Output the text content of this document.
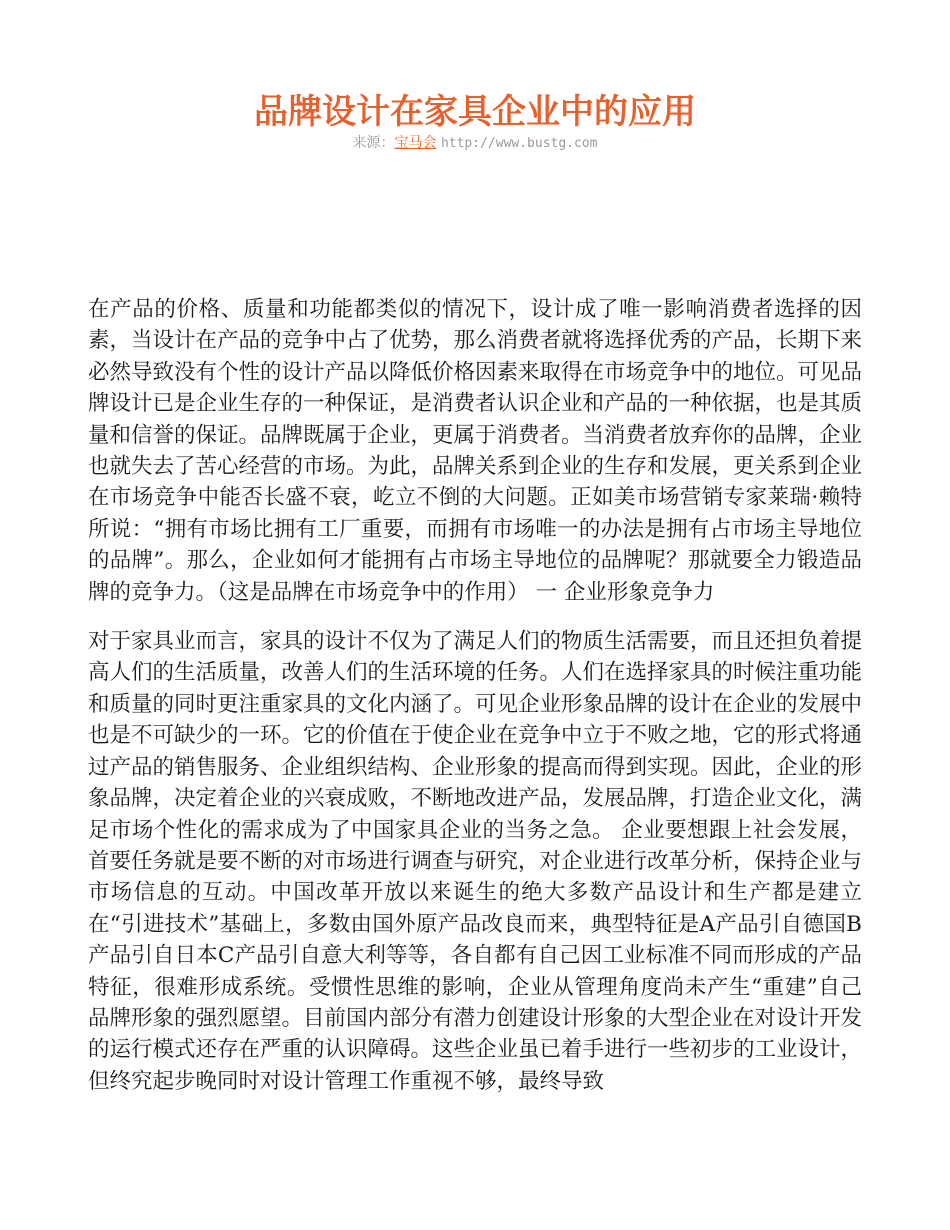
品牌设计在家具企业中的应用
来源：宝马会 http://www.bustg.com

在产品的价格、质量和功能都类似的情况下，设计成了唯一影响消费者选择的因素，当设计在产品的竞争中占了优势，那么消费者就将选择优秀的产品，长期下来必然导致没有个性的设计产品以降低价格因素来取得在市场竞争中的地位。可见品牌设计已是企业生存的一种保证，是消费者认识企业和产品的一种依据，也是其质量和信誉的保证。品牌既属于企业，更属于消费者。当消费者放弃你的品牌，企业也就失去了苦心经营的市场。为此，品牌关系到企业的生存和发展，更关系到企业在市场竞争中能否长盛不衰，屹立不倒的大问题。正如美市场营销专家莱瑞·赖特所说：“拥有市场比拥有工厂重要，而拥有市场唯一的办法是拥有占市场主导地位的品牌”。那么，企业如何才能拥有占市场主导地位的品牌呢？那就要全力锻造品牌的竞争力。（这是品牌在市场竞争中的作用） 一 企业形象竞争力

对于家具业而言，家具的设计不仅为了满足人们的物质生活需要，而且还担负着提高人们的生活质量，改善人们的生活环境的任务。人们在选择家具的时候注重功能和质量的同时更注重家具的文化内涵了。可见企业形象品牌的设计在企业的发展中也是不可缺少的一环。它的价值在于使企业在竞争中立于不败之地，它的形式将通过产品的销售服务、企业组织结构、企业形象的提高而得到实现。因此，企业的形象品牌，决定着企业的兴衰成败，不断地改进产品，发展品牌，打造企业文化，满足市场个性化的需求成为了中国家具企业的当务之急。 企业要想跟上社会发展，首要任务就是要不断的对市场进行调查与研究，对企业进行改革分析，保持企业与市场信息的互动。中国改革开放以来诞生的绝大多数产品设计和生产都是建立在“引进技术”基础上，多数由国外原产品改良而来，典型特征是A产品引自德国B产品引自日本C产品引自意大利等等，各自都有自己因工业标准不同而形成的产品特征，很难形成系统。受惯性思维的影响，企业从管理角度尚未产生“重建”自己品牌形象的强烈愿望。目前国内部分有潜力创建设计形象的大型企业在对设计开发的运行模式还存在严重的认识障碍。这些企业虽已着手进行一些初步的工业设计，但终究起步晚同时对设计管理工作重视不够，最终导致
